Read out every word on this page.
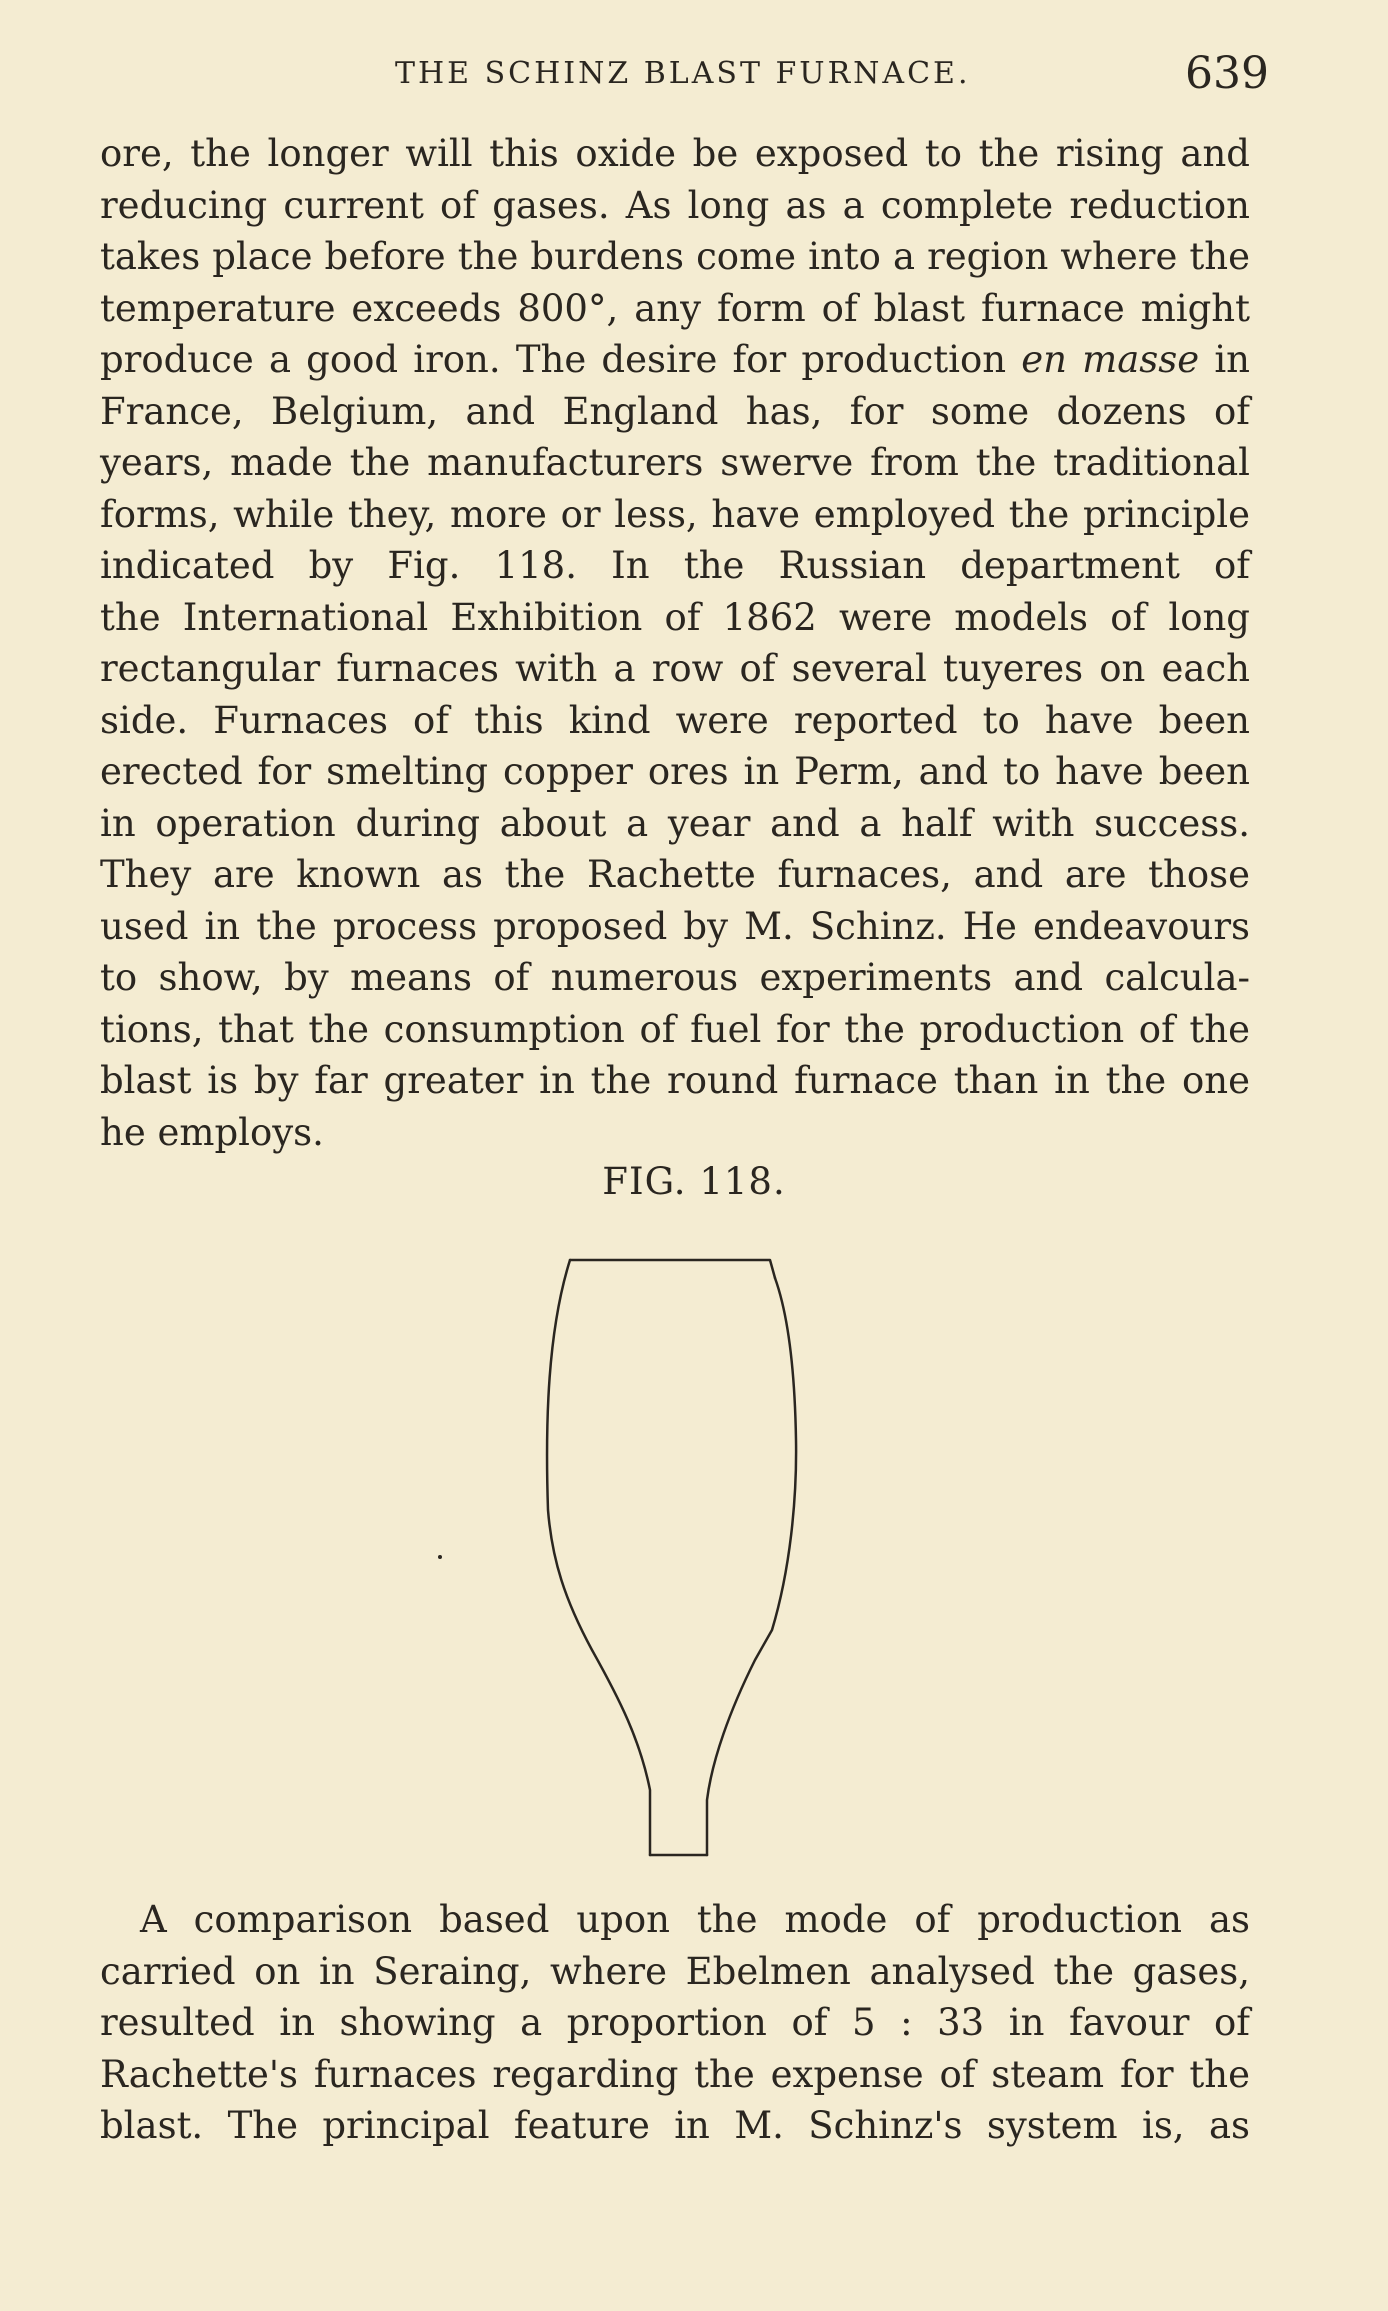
THE SCHINZ BLAST FURNACE.	639
ore, the longer will this oxide be exposed to the rising and
reducing current of gases. As long as a complete reduction
takes place before the burdens come into a region where the
temperature exceeds 800°, any form of blast furnace might
produce a good iron. The desire for production en masse in
France, Belgium, and England has, for some dozens of
years, made the manufacturers swerve from the traditional
forms, while they, more or less, have employed the principle
indicated by Fig. 118. In the Russian department of
the International Exhibition of 1862 were models of long
rectangular furnaces with a row of several tuyeres on each
side. Furnaces of this kind were reported to have been
erected for smelting copper ores in Perm, and to have been
in operation during about a year and a half with success.
They are known as the Rachette furnaces, and are those
used in the process proposed by M. Schinz. He endeavours
to show, by means of numerous experiments and calcula-
tions, that the consumption of fuel for the production of the
blast is by far greater in the round furnace than in the one
he employs.
FIG. 118.
A comparison based upon the mode of production as
carried on in Seraing, where Ebelmen analysed the gases,
resulted in showing a proportion of 5 : 33 in favour of
Rachette's furnaces regarding the expense of steam for the
blast. The principal feature in M. Schinz's system is, as
